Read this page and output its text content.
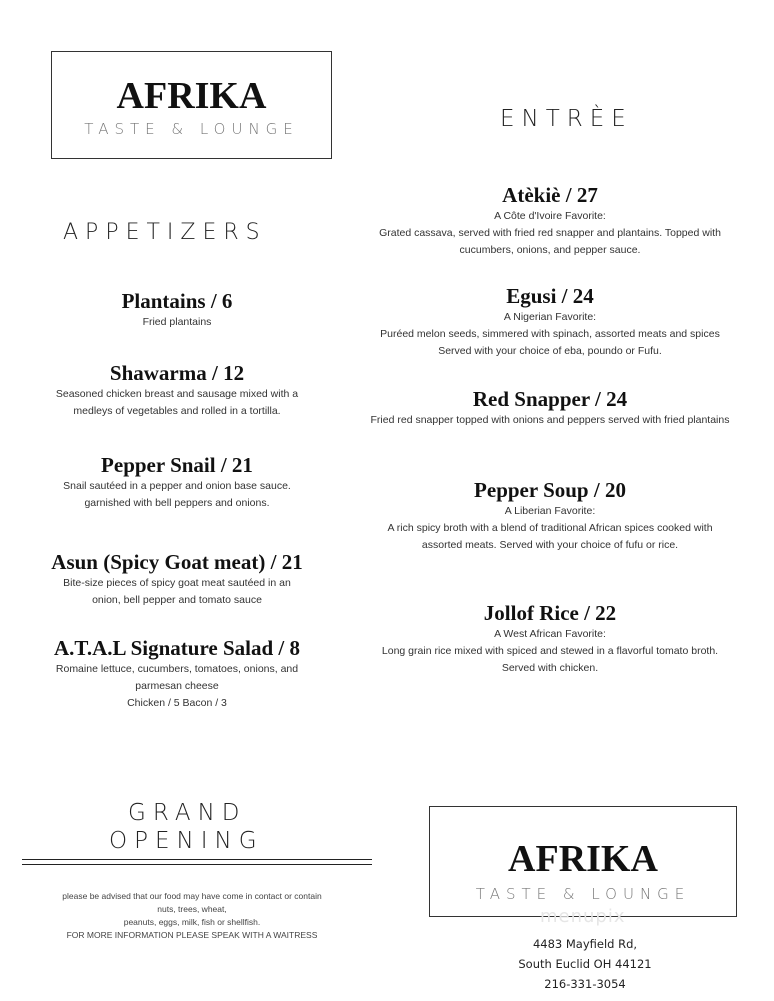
AFRIKA
TASTE & LOUNGE	ENTRÈE
APPETIZERS

Atèkiè / 27

A Côte d'Ivoire Favorite:

Grated cassava, served with fried red snapper and plantains. Topped with

cucumbers, onions, and pepper sauce.

Egusi / 24

A Nigerian Favorite:

Puréed melon seeds, simmered with spinach, assorted meats and spices

Served with your choice of eba, poundo or Fufu.

Red Snapper / 24

Fried red snapper topped with onions and peppers served with fried plantains

Pepper Soup / 20

A Liberian Favorite:

A rich spicy broth with a blend of traditional African spices cooked with

assorted meats. Served with your choice of fufu or rice.

Jollof Rice / 22

A West African Favorite:

Long grain rice mixed with spiced and stewed in a flavorful tomato broth.

Served with chicken.

Plantains / 6

Fried plantains

Shawarma / 12

Seasoned chicken breast and sausage mixed with a

medleys of vegetables and rolled in a tortilla.

Pepper Snail / 21

Snail sautéed in a pepper and onion base sauce.

garnished with bell peppers and onions.

Asun (Spicy Goat meat) / 21

Bite-size pieces of spicy goat meat sautéed in an

onion, bell pepper and tomato sauce

A.T.A.L Signature Salad / 8

Romaine lettuce, cucumbers, tomatoes, onions, and

parmesan cheese

Chicken / 5 Bacon / 3

GRAND
OPENING

please be advised that our food may have come in contact or contain

nuts, trees, wheat,

peanuts, eggs, milk, fish or shellfish.

FOR MORE INFORMATION PLEASE SPEAK WITH A WAITRESS

AFRIKA
TASTE & LOUNGE
menupix

4483 Mayfield Rd,

South Euclid OH 44121

216-331-3054
